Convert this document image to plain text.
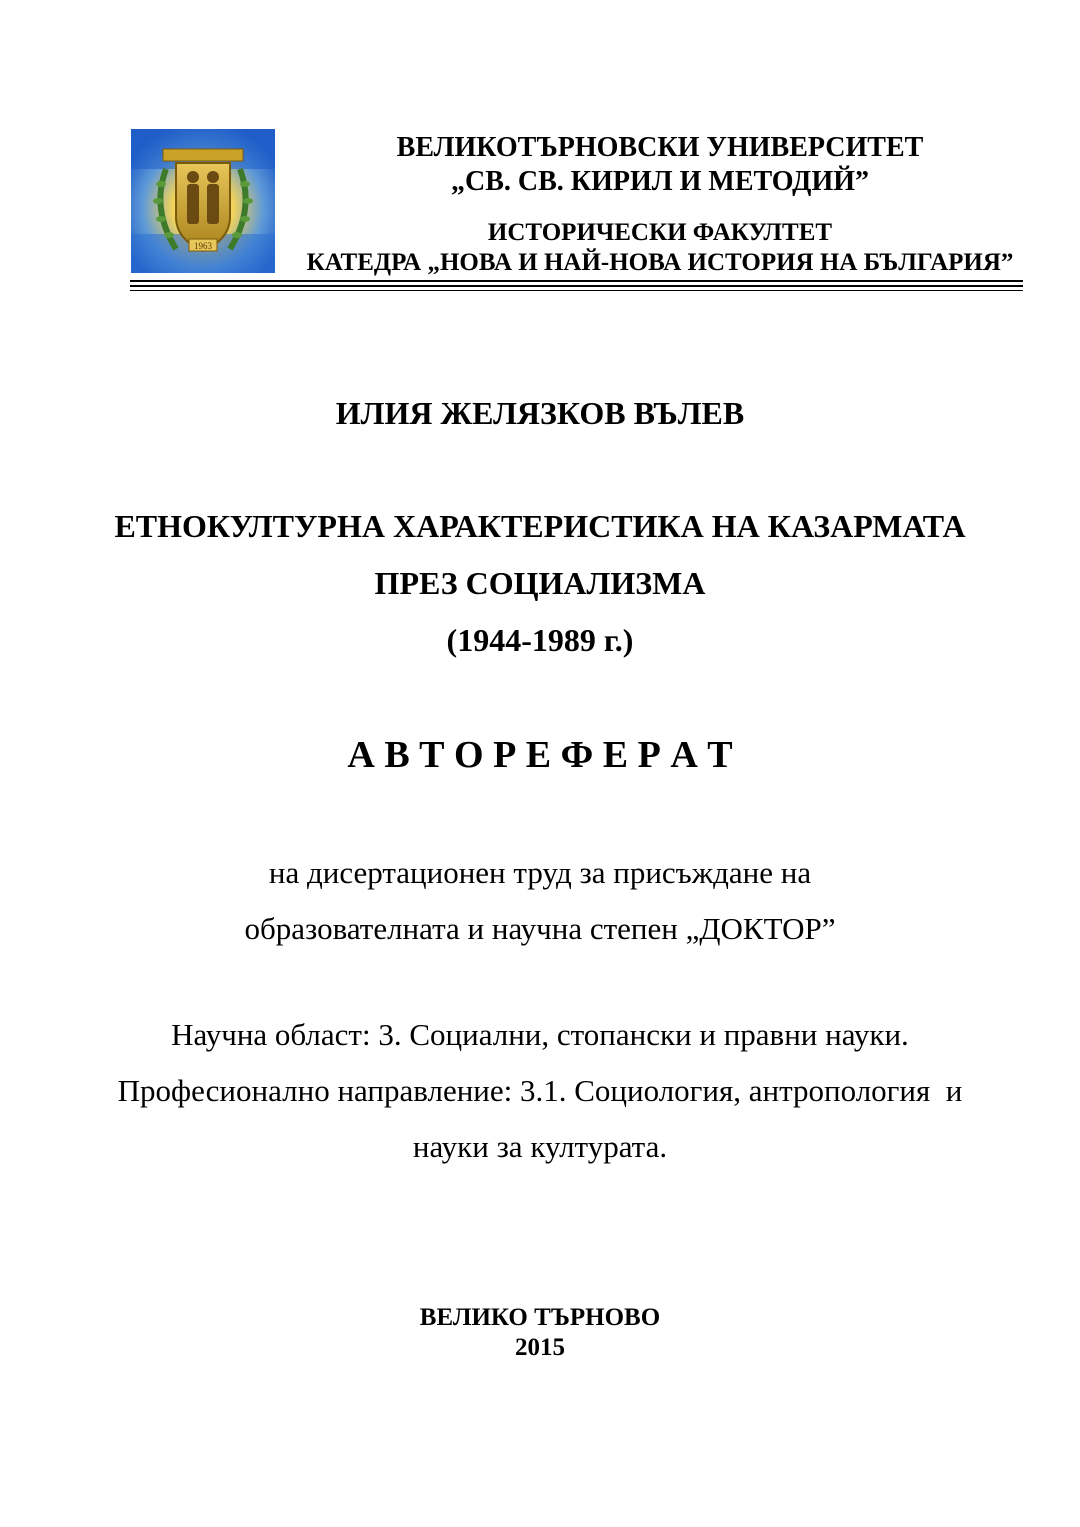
1963
ВЕЛИКОТЪРНОВСКИ УНИВЕРСИТЕТ
„СВ. СВ. КИРИЛ И МЕТОДИЙ”
ИСТОРИЧЕСКИ ФАКУЛТЕТ
КАТЕДРА „НОВА И НАЙ-НОВА ИСТОРИЯ НА БЪЛГАРИЯ”
ИЛИЯ ЖЕЛЯЗКОВ ВЪЛЕВ
ЕТНОКУЛТУРНА ХАРАКТЕРИСТИКА НА КАЗАРМАТА
ПРЕЗ СОЦИАЛИЗМА
(1944-1989 г.)
А В Т О Р Е Ф Е Р А Т
на дисертационен труд за присъждане на
образователната и научна степен „ДОКТОР”
Научна област: 3. Социални, стопански и правни науки.
Професионално направление: 3.1. Социология, антропология  и
науки за културата.
ВЕЛИКО ТЪРНОВО
2015
